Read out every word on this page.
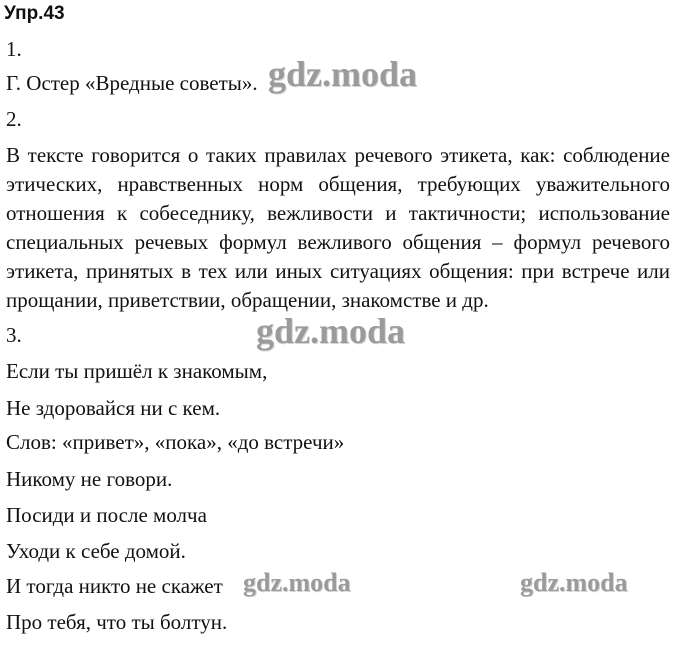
Упр.43
1.
Г. Остер «Вредные советы».
2.
В тексте говорится о таких правилах речевого этикета, как: соблюдение
этических, нравственных норм общения, требующих уважительного
отношения к собеседнику, вежливости и тактичности; использование
специальных речевых формул вежливого общения – формул речевого
этикета, принятых в тех или иных ситуациях общения: при встрече или
прощании, приветствии, обращении, знакомстве и др.
3.
Если ты пришёл к знакомым,
Не здоровайся ни с кем.
Слов: «привет», «пока», «до встречи»
Никому не говори.
Посиди и после молча
Уходи к себе домой.
И тогда никто не скажет
Про тебя, что ты болтун.
gdz.moda
gdz.moda
gdz.moda	gdz.moda
